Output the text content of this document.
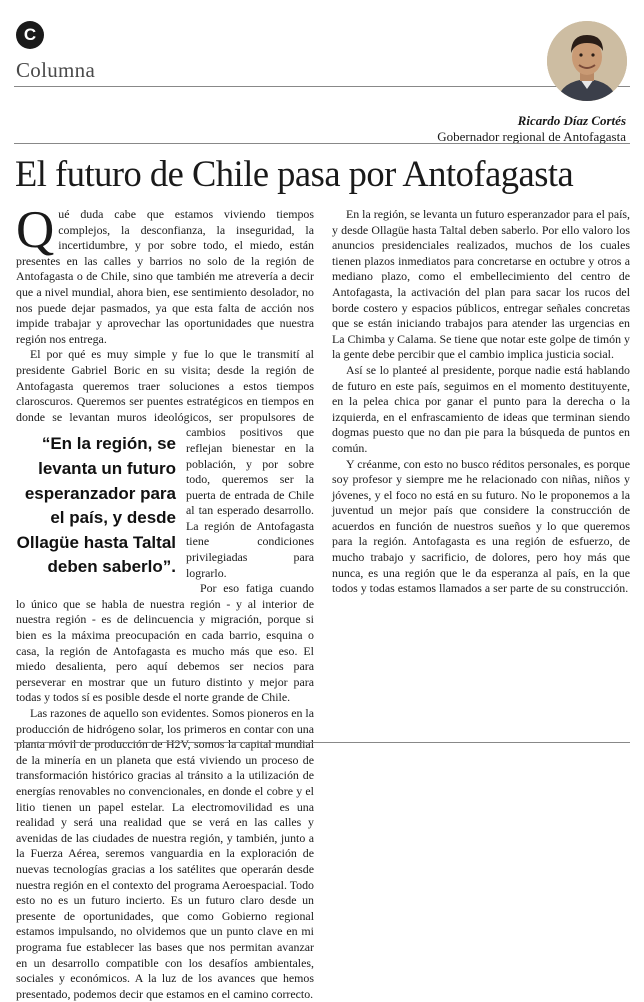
C
Columna
Ricardo Díaz Cortés
Gobernador regional de Antofagasta
El futuro de Chile pasa por Antofagasta

Qué duda cabe que estamos viviendo tiempos complejos, la desconfianza, la inseguridad, la incertidumbre, y por sobre todo, el miedo, están presentes en las calles y barrios no solo de la región de Antofagasta o de Chile, sino que también me atrevería a decir que a nivel mundial, ahora bien, ese sentimiento desolador, no nos puede dejar pasmados, ya que esta falta de acción nos impide trabajar y aprovechar las oportunidades que nuestra región nos entrega.

El por qué es muy simple y fue lo que le transmití al presidente Gabriel Boric en su visita; desde la región de Antofagasta queremos traer soluciones a estos tiempos claroscuros. Queremos ser puentes estratégicos en tiempos en donde se levantan muros ideológicos
“En la región, se levanta un futuro esperanzador para el país, y desde Ollagüe hasta Taltal deben saberlo”.
, ser propulsores de cambios positivos que reflejan bienestar en la población, y por sobre todo, queremos ser la puerta de entrada de Chile al tan esperado desarrollo. La región de Antofagasta tiene condiciones privilegiadas para lograrlo.

Por eso fatiga cuando lo único que se habla de nuestra región - y al interior de nuestra región - es de delincuencia y migración, porque si bien es la máxima preocupación en cada barrio, esquina o casa, la región de Antofagasta es mucho más que eso. El miedo desalienta, pero aquí debemos ser necios para perseverar en mostrar que un futuro distinto y mejor para todas y todos sí es posible desde el norte grande de Chile.

Las razones de aquello son evidentes. Somos pioneros en la producción de hidrógeno solar, los primeros en contar con una planta móvil de producción de H2V, somos la capital mundial de la minería en un planeta que está viviendo un proceso de transformación histórico gracias al tránsito a la utilización de energías renovables no convencionales, en donde el cobre y el litio tienen un papel estelar. La electromovilidad es una realidad y será una realidad que se verá en las calles y avenidas de las ciudades de nuestra región, y también, junto a la Fuerza Aérea, seremos vanguardia en la exploración de nuevas tecnologías gracias a los satélites que operarán desde nuestra región en el contexto del programa Aeroespacial. Todo esto no es un futuro incierto. Es un futuro claro desde un presente de oportunidades, que como Gobierno regional estamos impulsando, no olvidemos que un punto clave en mi programa fue establecer las bases que nos permitan avanzar en un desarrollo compatible con los desafíos ambientales, sociales y económicos. A la luz de los avances que hemos presentado, podemos decir que estamos en el camino correcto.

En la región, se levanta un futuro esperanzador para el país, y desde Ollagüe hasta Taltal deben saberlo. Por ello valoro los anuncios presidenciales realizados, muchos de los cuales tienen plazos inmediatos para concretarse en octubre y otros a mediano plazo, como el embellecimiento del centro de Antofagasta, la activación del plan para sacar los rucos del borde costero y espacios públicos, entregar señales concretas que se están iniciando trabajos para atender las urgencias en La Chimba y Calama. Se tiene que notar este golpe de timón y la gente debe percibir que el cambio implica justicia social.

Así se lo planteé al presidente, porque nadie está hablando de futuro en este país, seguimos en el momento destituyente, en la pelea chica por ganar el punto para la derecha o la izquierda, en el enfrascamiento de ideas que terminan siendo dogmas puesto que no dan pie para la búsqueda de puntos en común.

Y créanme, con esto no busco réditos personales, es porque soy profesor y siempre me he relacionado con niñas, niños y jóvenes, y el foco no está en su futuro. No le proponemos a la juventud un mejor país que considere la construcción de acuerdos en función de nuestros sueños y lo que queremos para la región. Antofagasta es una región de esfuerzo, de mucho trabajo y sacrificio, de dolores, pero hoy más que nunca, es una región que le da esperanza al país, en la que todos y todas estamos llamados a ser parte de su construcción.
